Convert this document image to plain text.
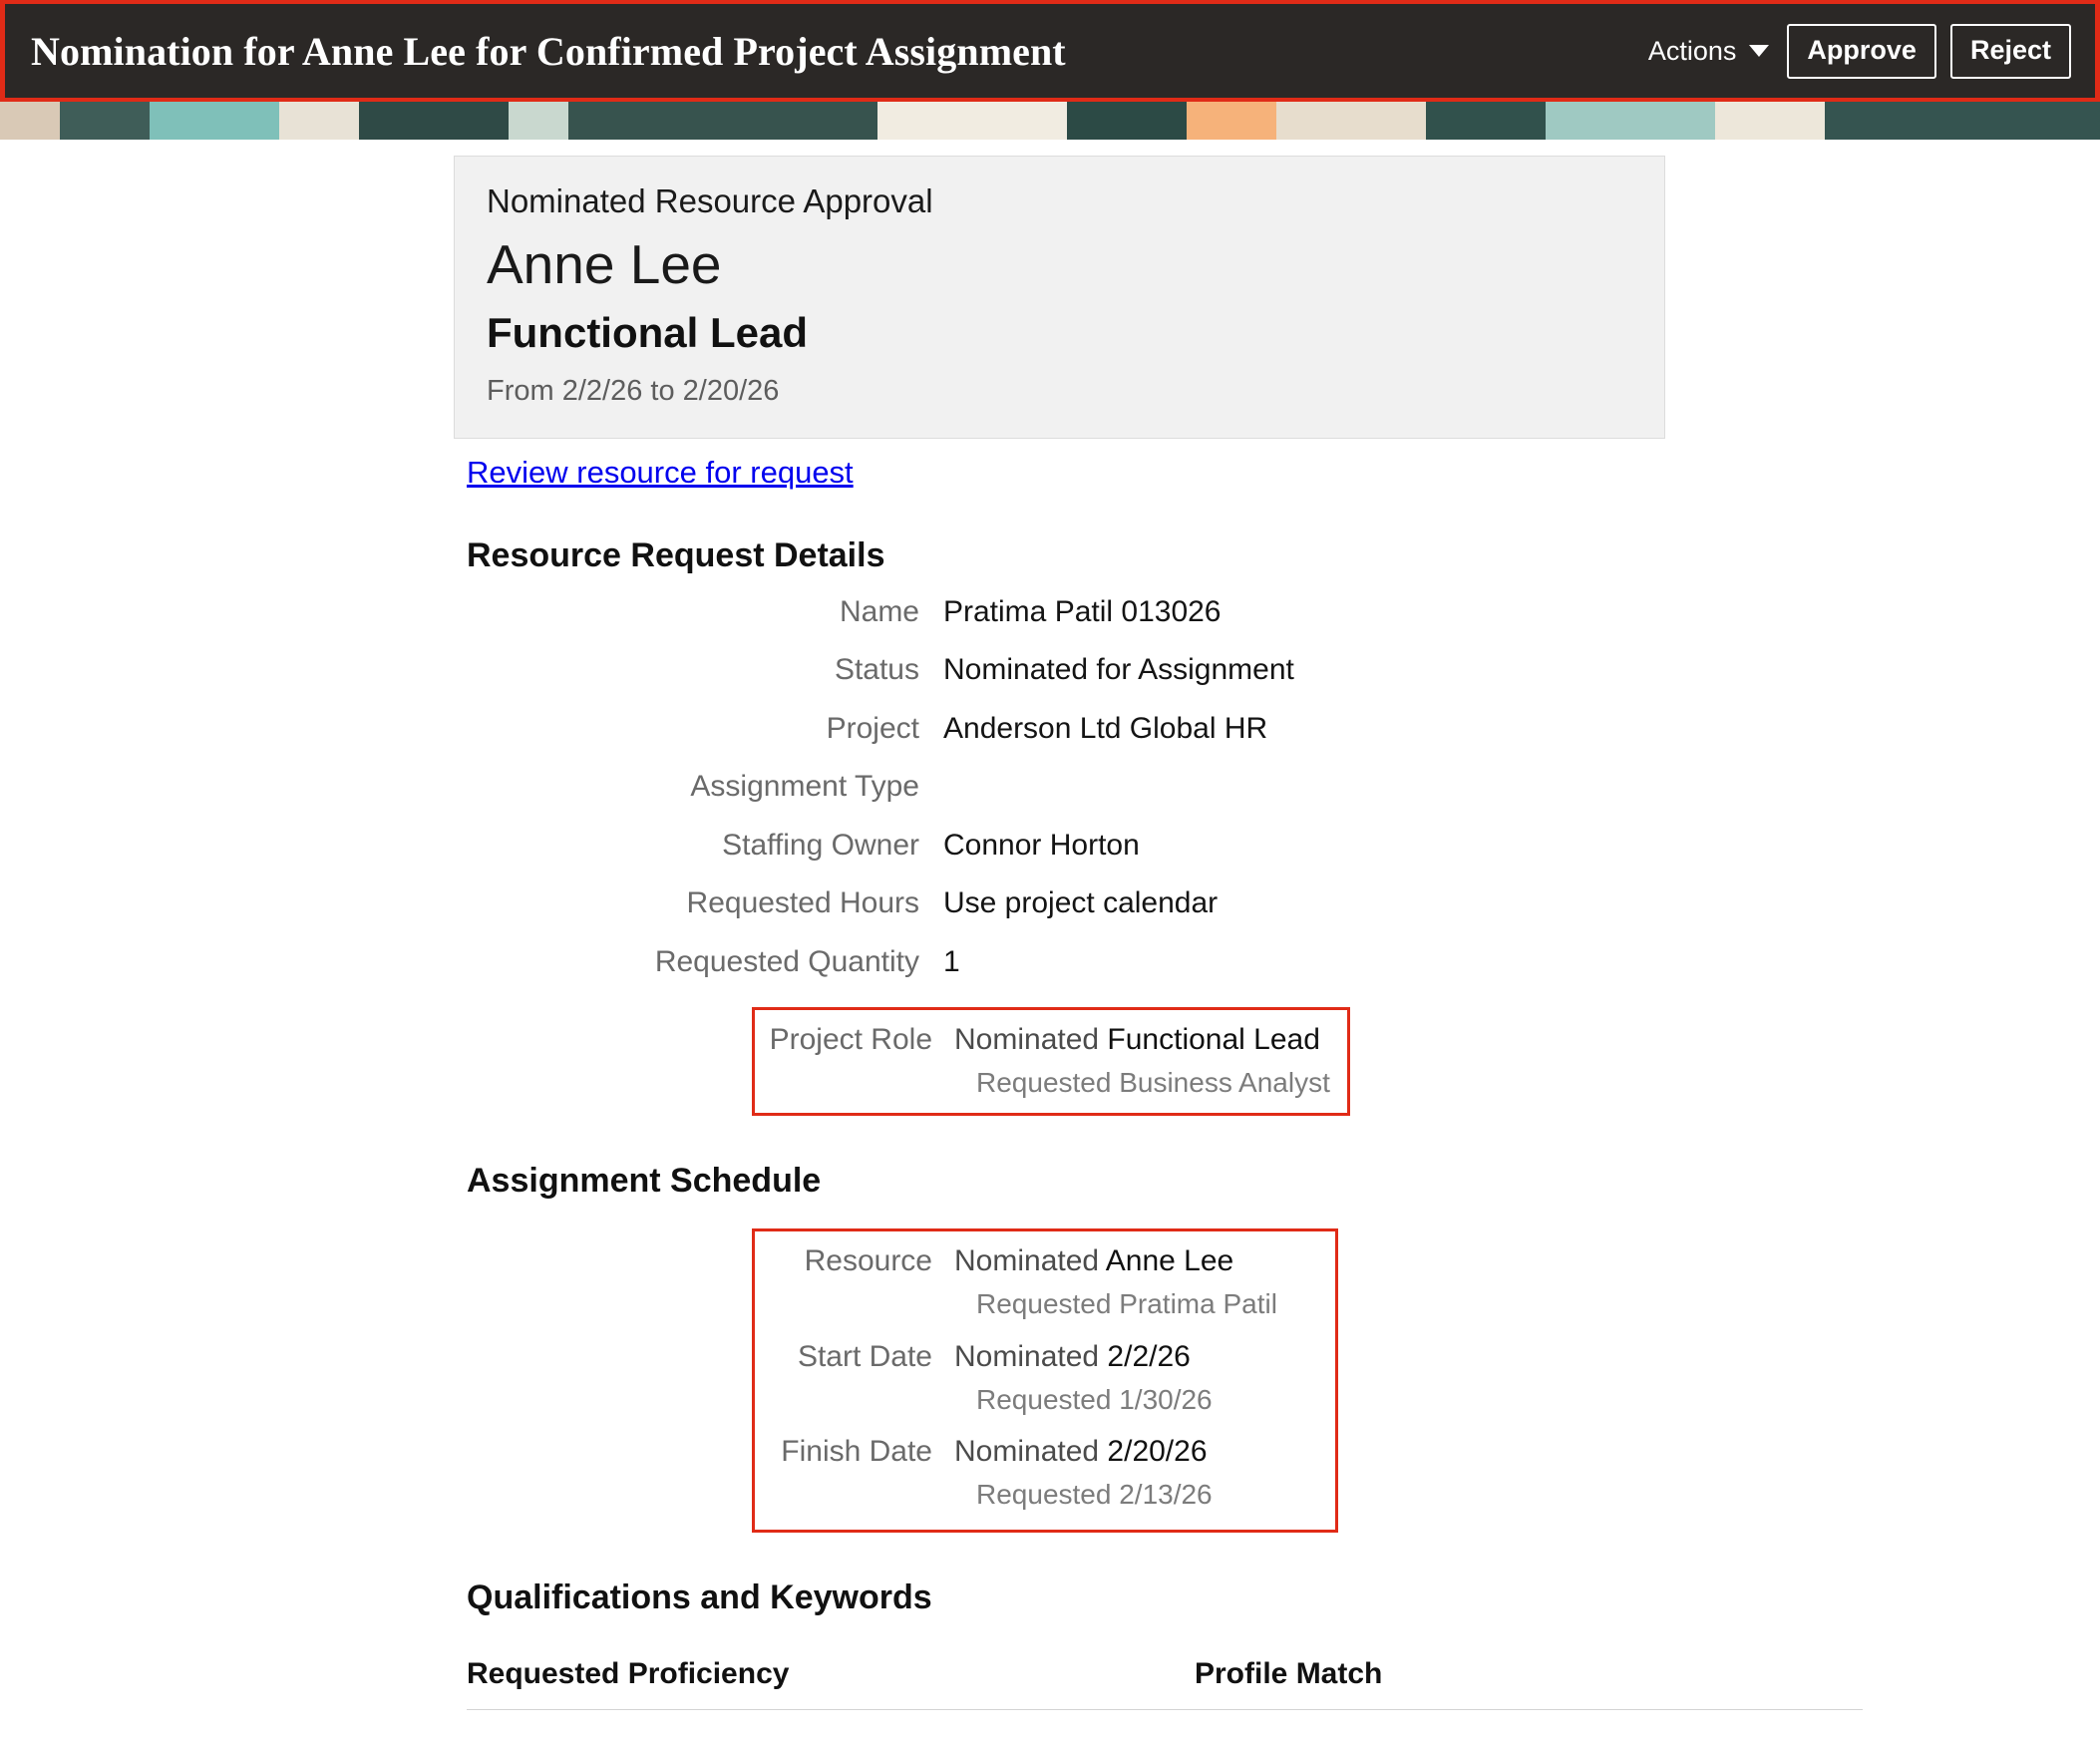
Nomination for Anne Lee for Confirmed Project Assignment	Actions	Approve	Reject
Nominated Resource Approval
Anne Lee
Functional Lead
From 2/2/26 to 2/20/26
Review resource for request
Resource Request Details
Name Pratima Patil 013026
Status Nominated for Assignment
Project Anderson Ltd Global HR
Assignment Type
Staffing Owner Connor Horton
Requested Hours Use project calendar
Requested Quantity 1
Project Role Nominated Functional Lead
Requested Business Analyst
Assignment Schedule
Resource Nominated Anne Lee
Requested Pratima Patil
Start Date Nominated 2/2/26
Requested 1/30/26
Finish Date Nominated 2/20/26
Requested 2/13/26
Qualifications and Keywords
Requested Proficiency	Profile Match
